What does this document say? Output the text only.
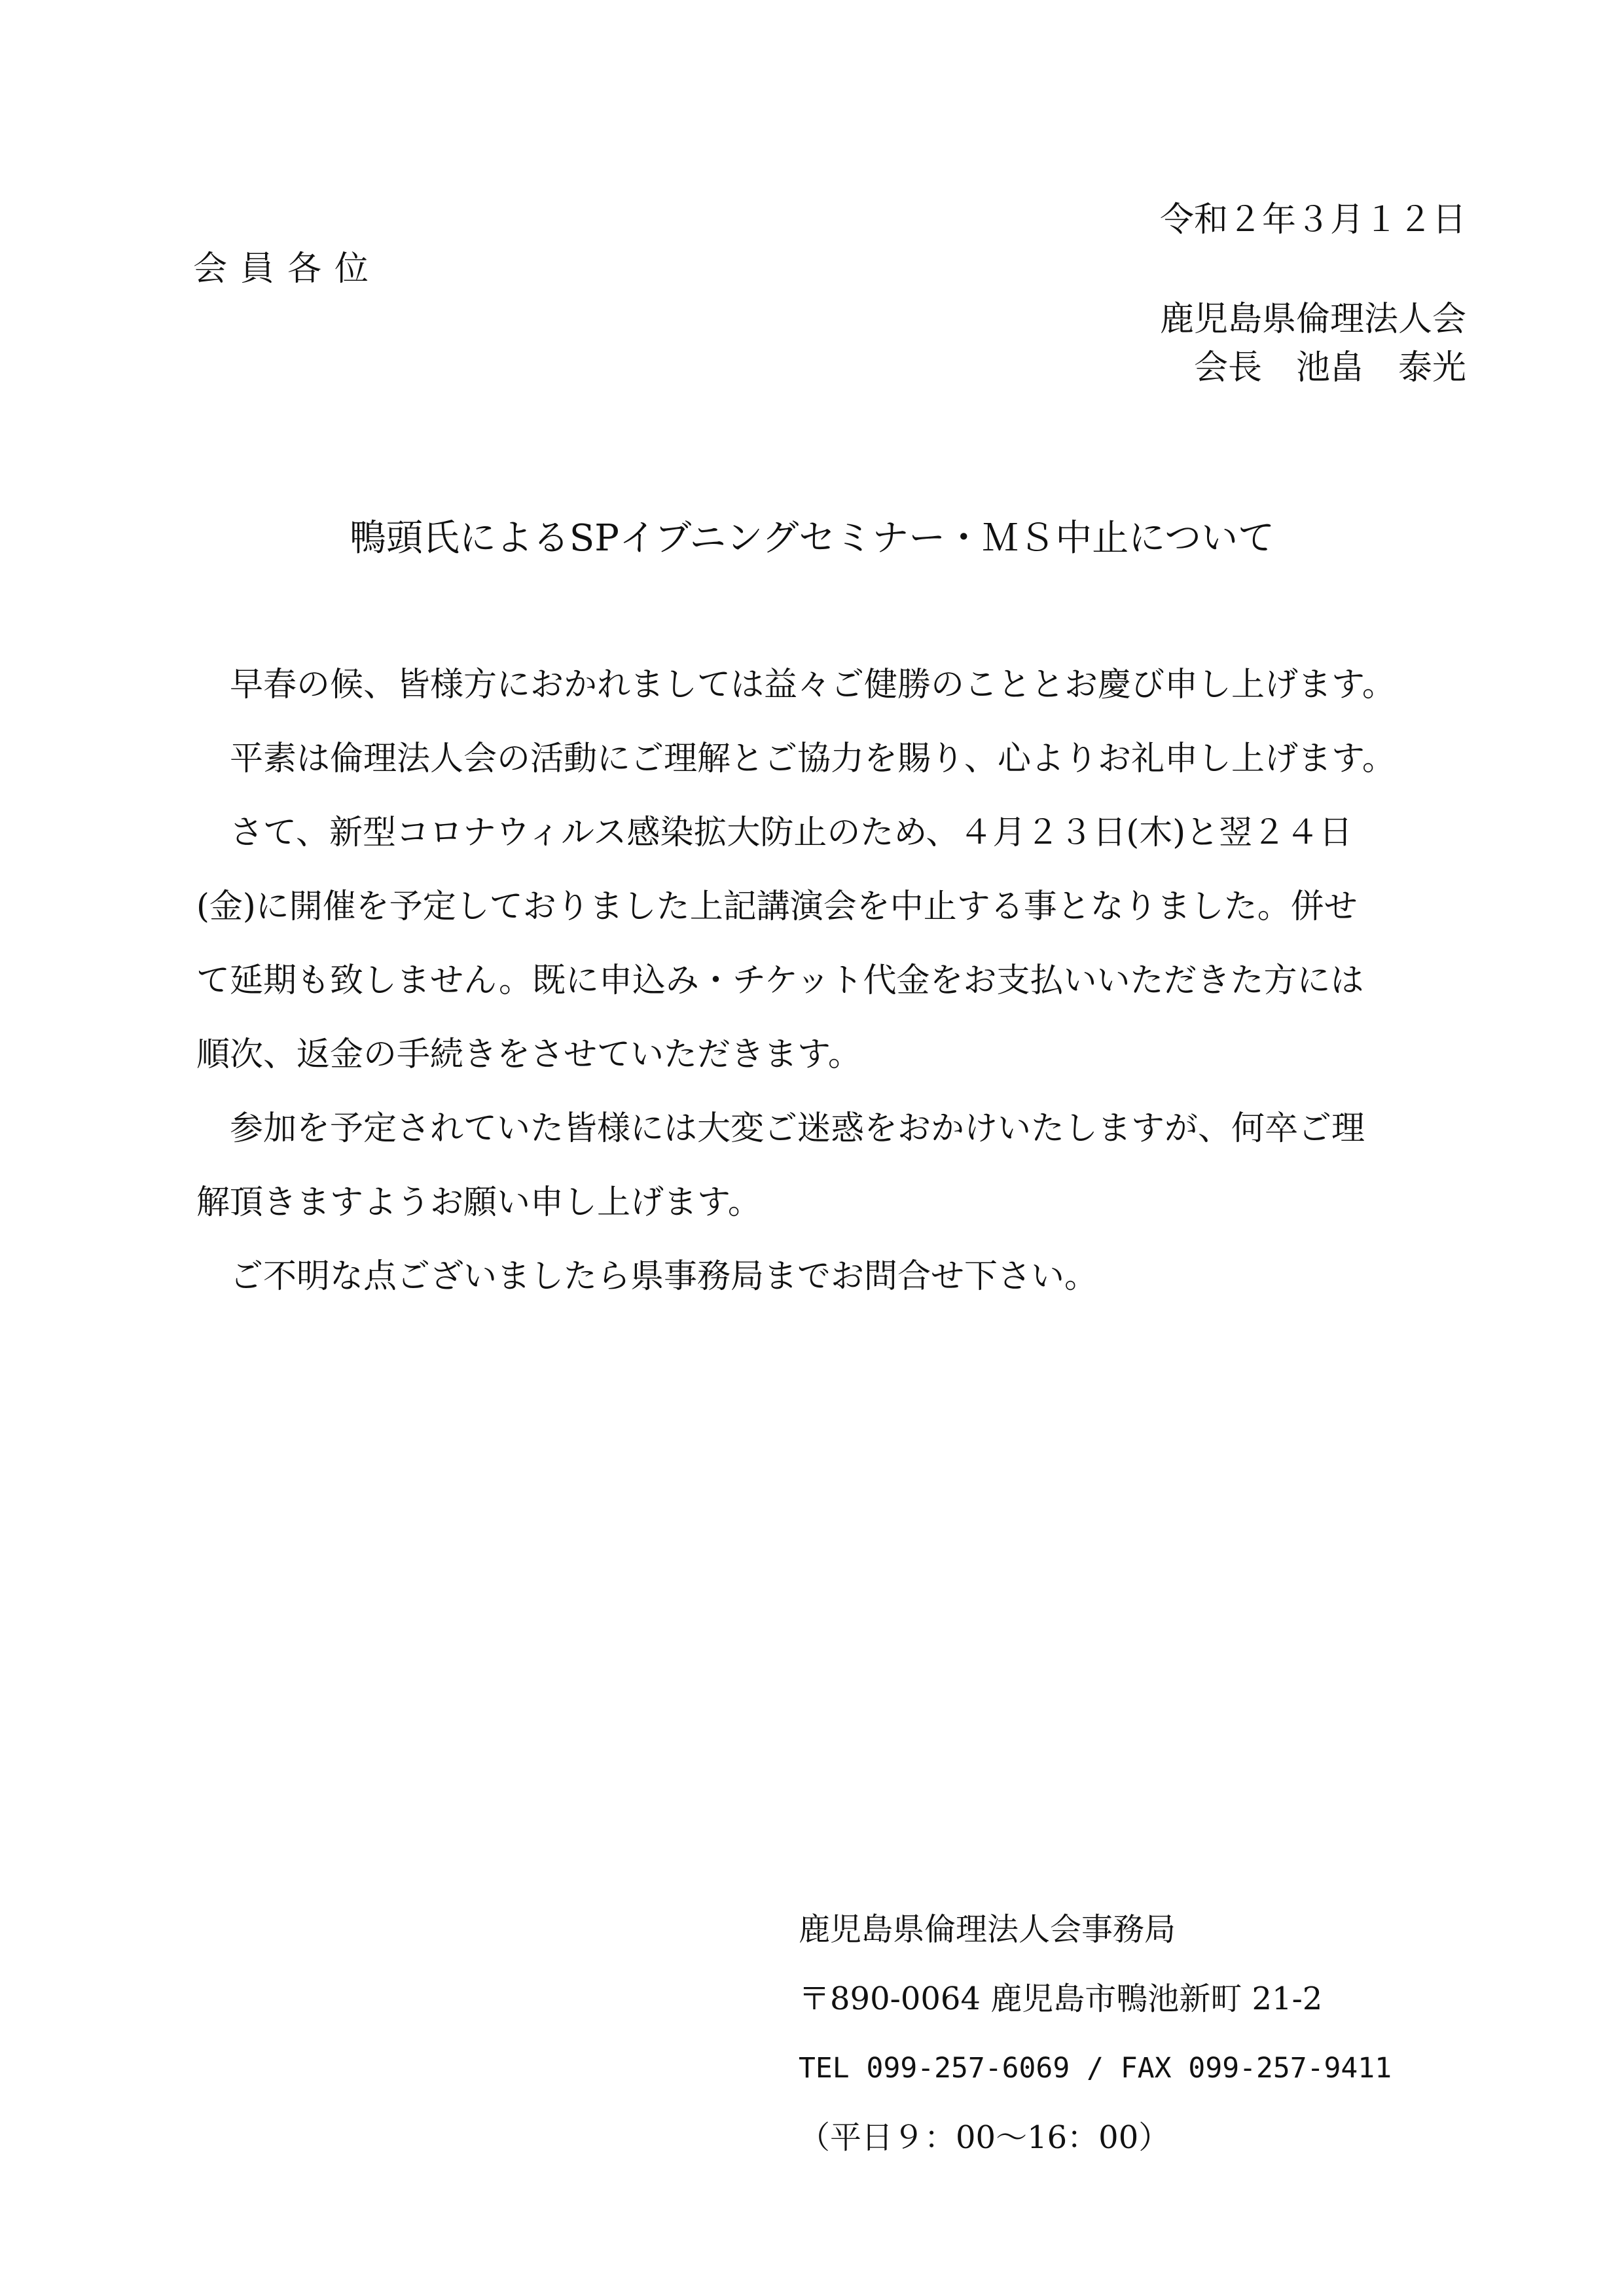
令和２年３月１２日
会員各位
鹿児島県倫理法人会
会長　池畠　泰光
鴨頭氏によるSPイブニングセミナー・ＭＳ中止について
　早春の候、皆様方におかれましては益々ご健勝のこととお慶び申し上げます。
　平素は倫理法人会の活動にご理解とご協力を賜り、心よりお礼申し上げます。
　さて、新型コロナウィルス感染拡大防止のため、４月２３日(木)と翌２４日
(金)に開催を予定しておりました上記講演会を中止する事となりました。併せ
て延期も致しません。既に申込み・チケット代金をお支払いいただきた方には
順次、返金の手続きをさせていただきます。
　参加を予定されていた皆様には大変ご迷惑をおかけいたしますが、何卒ご理
解頂きますようお願い申し上げます。
　ご不明な点ございましたら県事務局までお問合せ下さい。
鹿児島県倫理法人会事務局
〒890-0064 鹿児島市鴨池新町 21-2
TEL 099-257-6069 / FAX 099-257-9411
（平日９：00～16：00）
